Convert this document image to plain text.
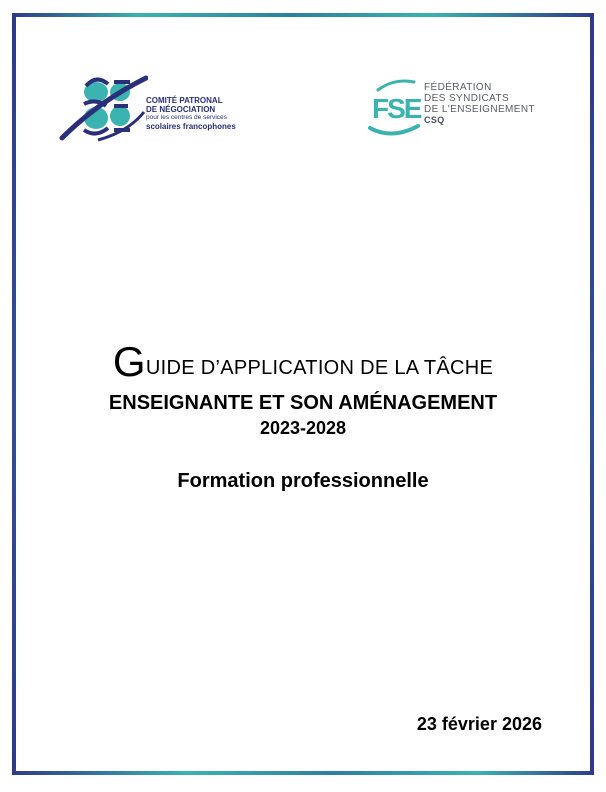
COMITÉ PATRONAL
DE NÉGOCIATION
pour les centres de services
scolaires francophones
FSE
FÉDÉRATION
DES SYNDICATS
DE L'ENSEIGNEMENT
CSQ
GUIDE D’APPLICATION DE LA TÂCHE
ENSEIGNANTE ET SON AMÉNAGEMENT
2023-2028
Formation professionnelle
23 février 2026
